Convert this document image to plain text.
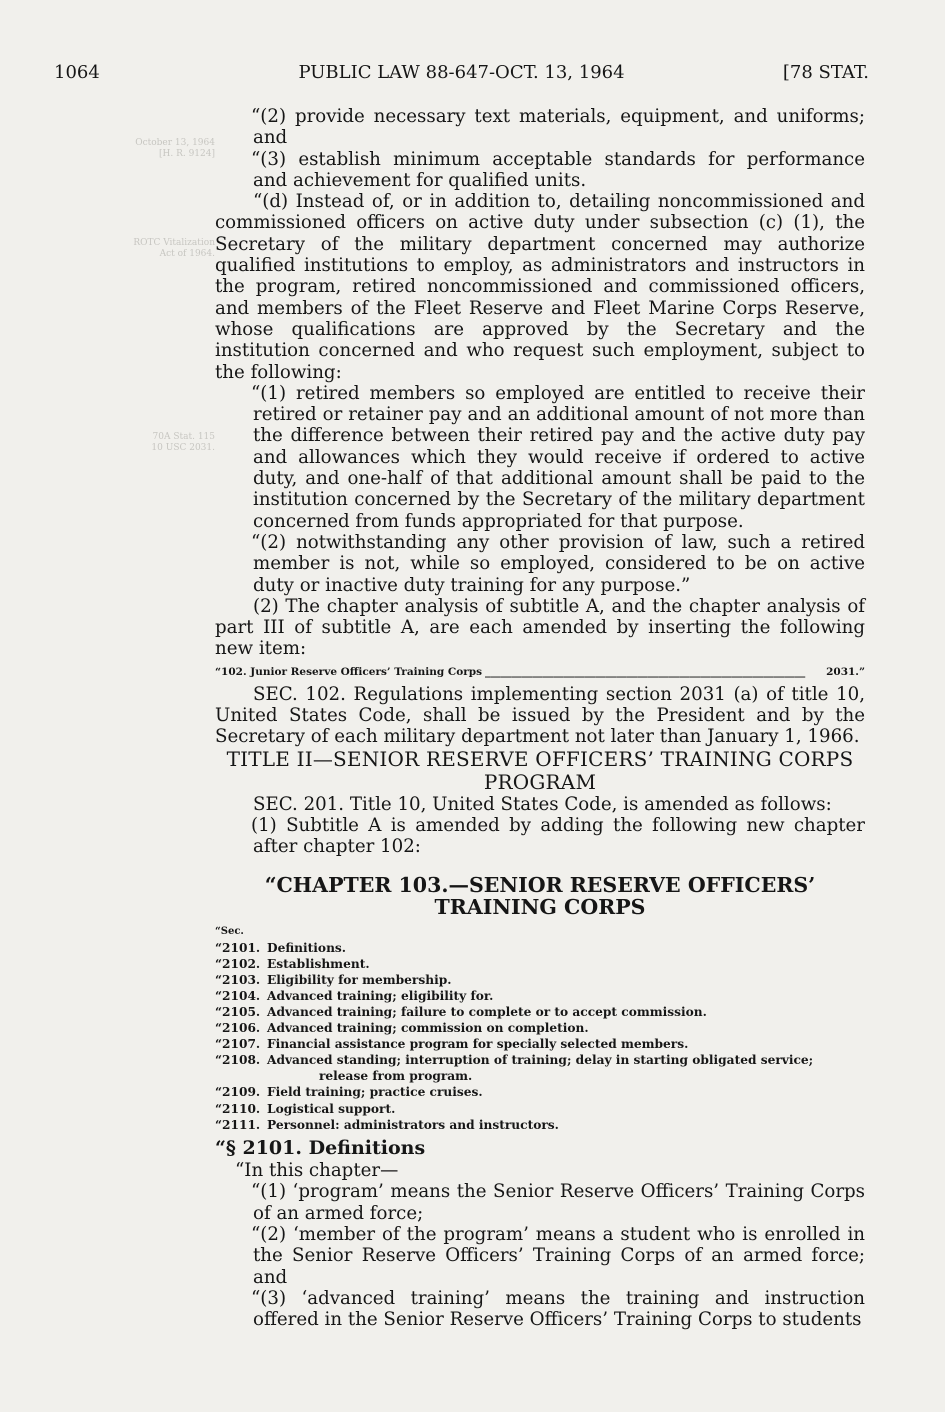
October 13, 1964
[H. R. 9124]
ROTC Vitalization
Act of 1964.
70A Stat. 115
10 USC 2031.
1064	PUBLIC LAW 88-647-OCT. 13, 1964	[78 STAT.

“(2) provide necessary text materials, equipment, and uniforms; and

“(3) establish minimum acceptable standards for performance and achievement for qualified units.

“(d) Instead of, or in addition to, detailing noncommissioned and commissioned officers on active duty under subsection (c) (1), the Secretary of the military department concerned may authorize qualified institutions to employ, as administrators and instructors in the program, retired noncommissioned and commissioned officers, and members of the Fleet Reserve and Fleet Marine Corps Reserve, whose qualifications are approved by the Secretary and the institution concerned and who request such employment, subject to the following:

“(1) retired members so employed are entitled to receive their retired or retainer pay and an additional amount of not more than the difference between their retired pay and the active duty pay and allowances which they would receive if ordered to active duty, and one-half of that additional amount shall be paid to the institution concerned by the Secretary of the military department concerned from funds appropriated for that purpose.

“(2) notwithstanding any other provision of law, such a retired member is not, while so employed, considered to be on active duty or inactive duty training for any purpose.”

(2) The chapter analysis of subtitle A, and the chapter analysis of part III of subtitle A, are each amended by inserting the following new item:

“102. Junior Reserve Officers’ Training Corps _____________________________________________________________	2031.”

SEC. 102. Regulations implementing section 2031 (a) of title 10, United States Code, shall be issued by the President and by the Secretary of each military department not later than January 1, 1966.

TITLE II—SENIOR RESERVE OFFICERS’ TRAINING CORPS PROGRAM

SEC. 201. Title 10, United States Code, is amended as follows:

(1) Subtitle A is amended by adding the following new chapter after chapter 102:

“CHAPTER 103.—SENIOR RESERVE OFFICERS’ TRAINING CORPS
“Sec.
“2101. Definitions.
“2102. Establishment.
“2103. Eligibility for membership.
“2104. Advanced training; eligibility for.
“2105. Advanced training; failure to complete or to accept commission.
“2106. Advanced training; commission on completion.
“2107. Financial assistance program for specially selected members.
“2108. Advanced standing; interruption of training; delay in starting obligated service; release from program.
“2109. Field training; practice cruises.
“2110. Logistical support.
“2111. Personnel: administrators and instructors.
“§ 2101. Definitions

“In this chapter—

“(1) ‘program’ means the Senior Reserve Officers’ Training Corps of an armed force;

“(2) ‘member of the program’ means a student who is enrolled in the Senior Reserve Officers’ Training Corps of an armed force; and

“(3) ‘advanced training’ means the training and instruction offered in the Senior Reserve Officers’ Training Corps to students
